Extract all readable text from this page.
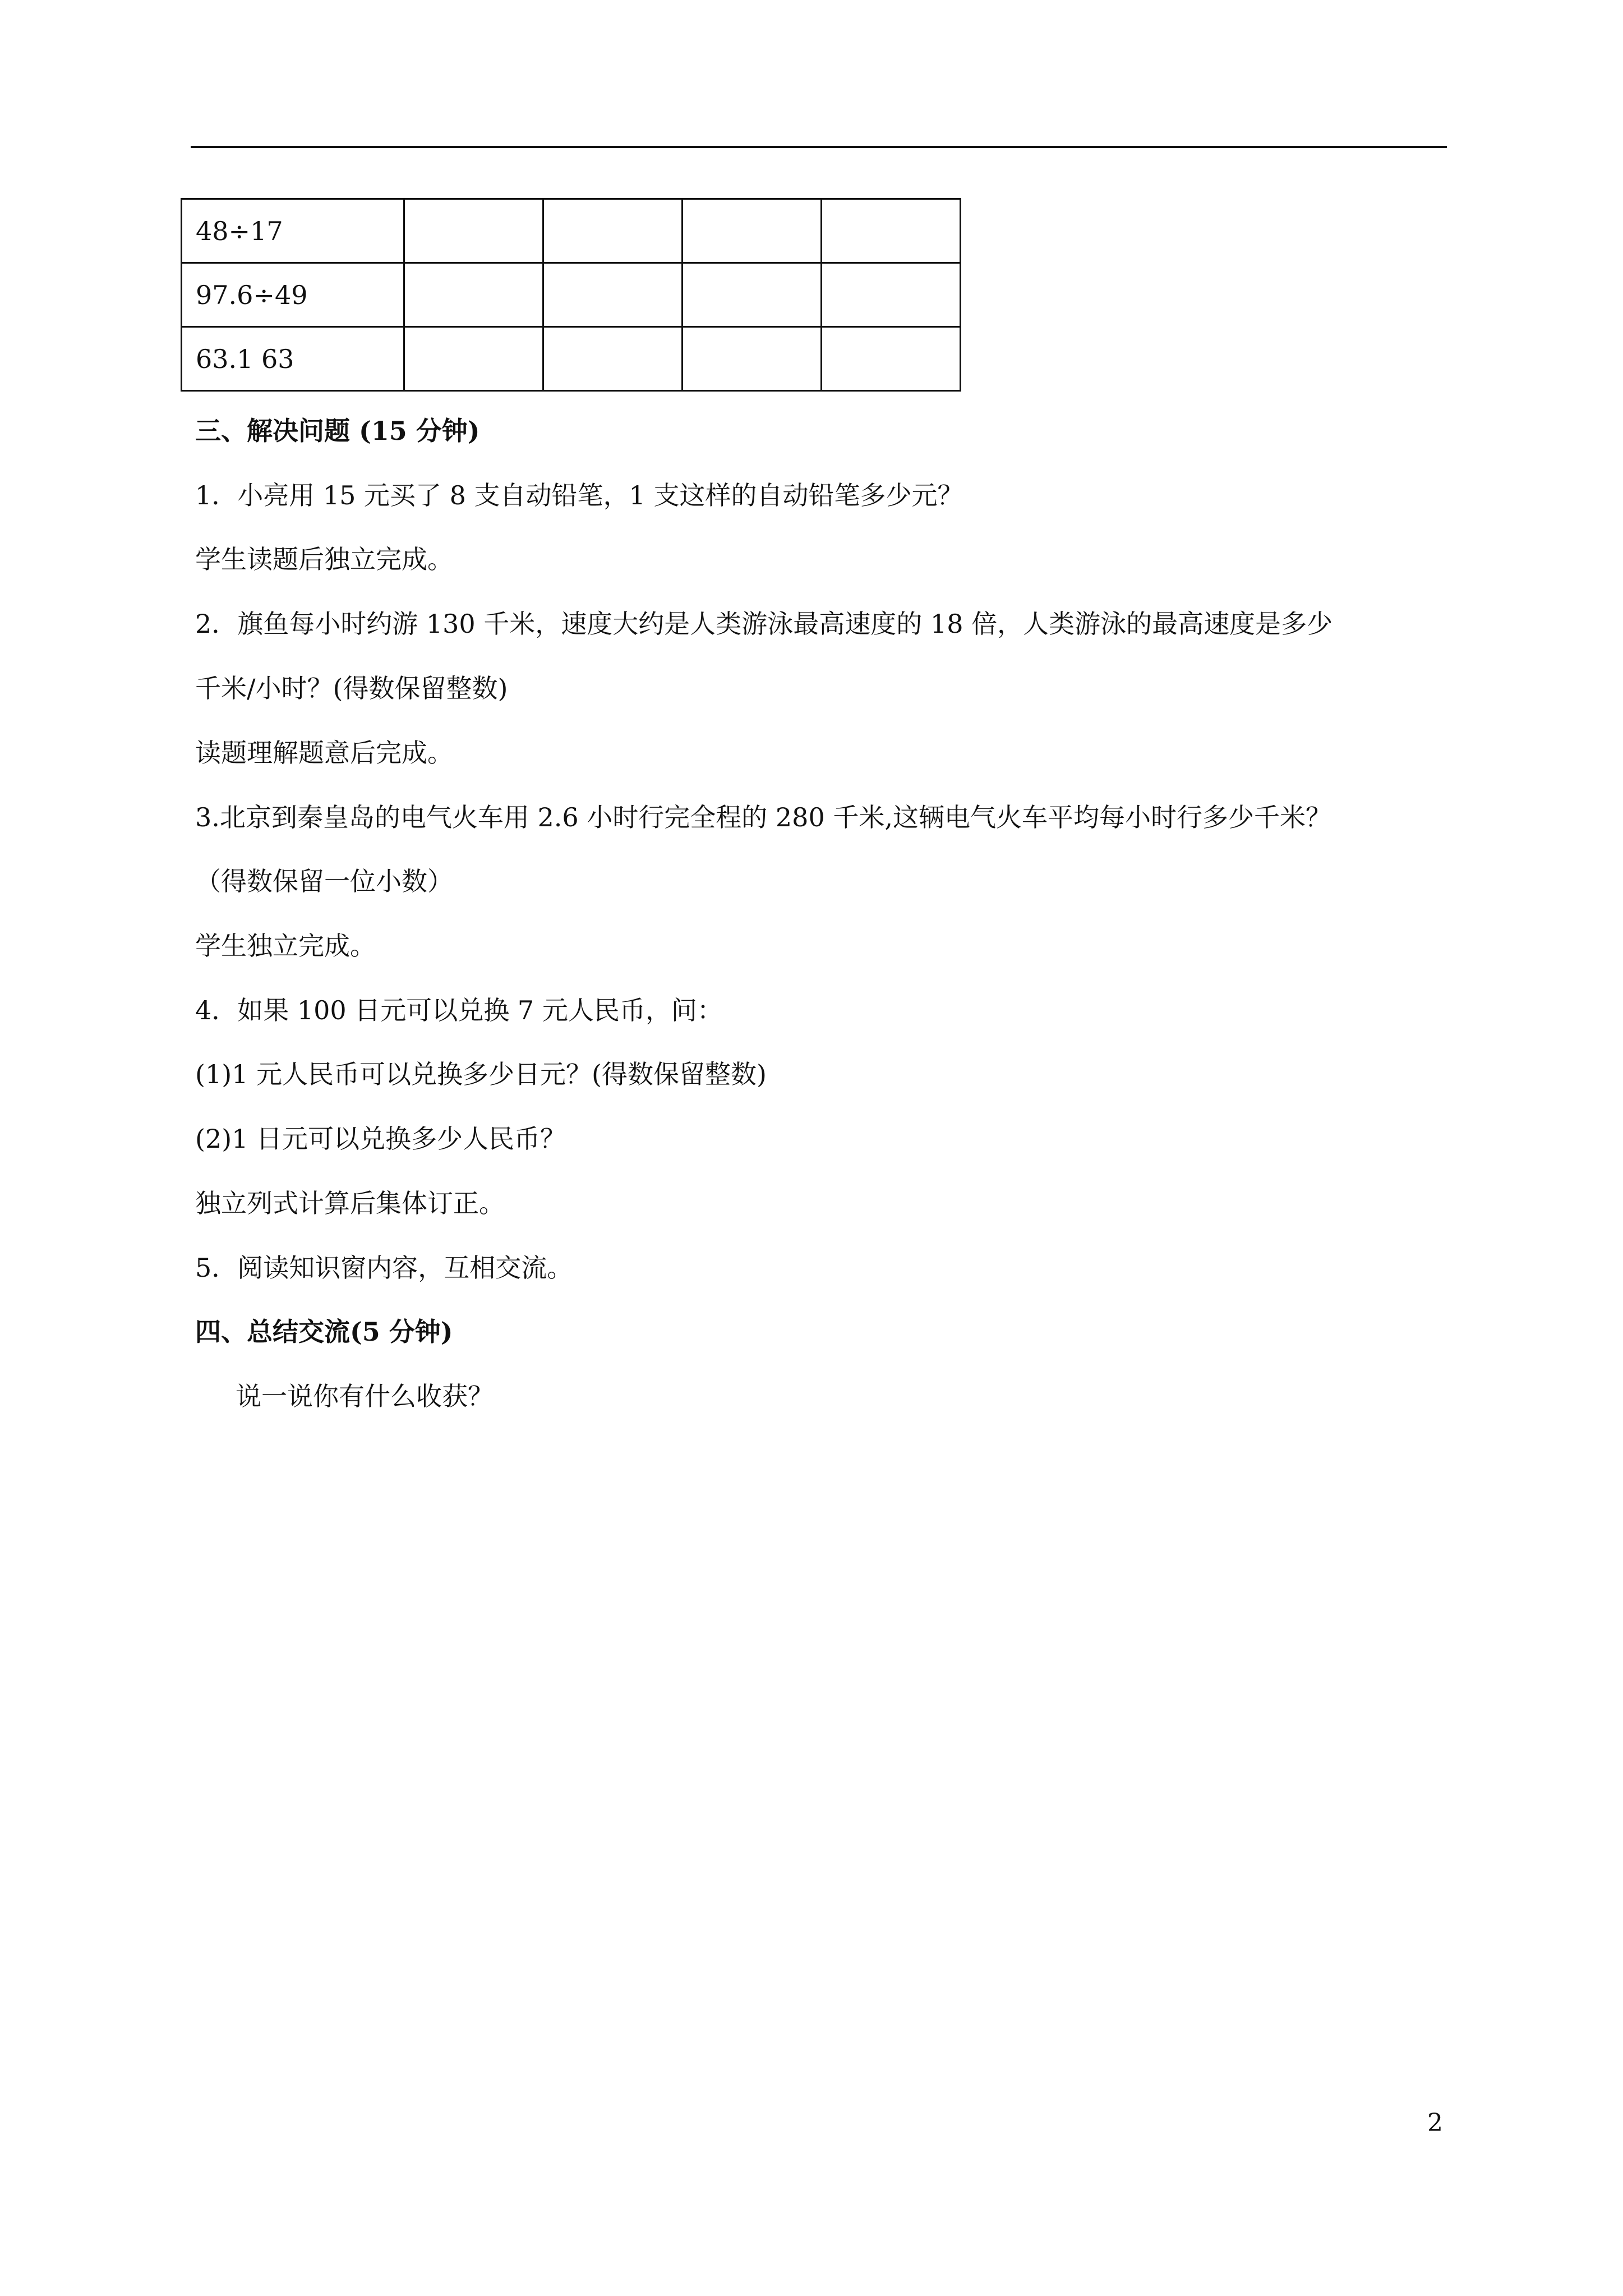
48÷17				
97.6÷49				
63.1 63				

三、解决问题 (15 分钟)

1．小亮用 15 元买了 8 支自动铅笔，1 支这样的自动铅笔多少元？

学生读题后独立完成。

2．旗鱼每小时约游 130 千米，速度大约是人类游泳最高速度的 18 倍，人类游泳的最高速度是多少

千米/小时？(得数保留整数)

读题理解题意后完成。

3.北京到秦皇岛的电气火车用 2.6 小时行完全程的 280 千米,这辆电气火车平均每小时行多少千米？

（得数保留一位小数）

学生独立完成。

4．如果 100 日元可以兑换 7 元人民币，问：

(1)1 元人民币可以兑换多少日元？(得数保留整数)

(2)1 日元可以兑换多少人民币？

独立列式计算后集体订正。

5．阅读知识窗内容，互相交流。

四、总结交流(5 分钟)

说一说你有什么收获？

2
